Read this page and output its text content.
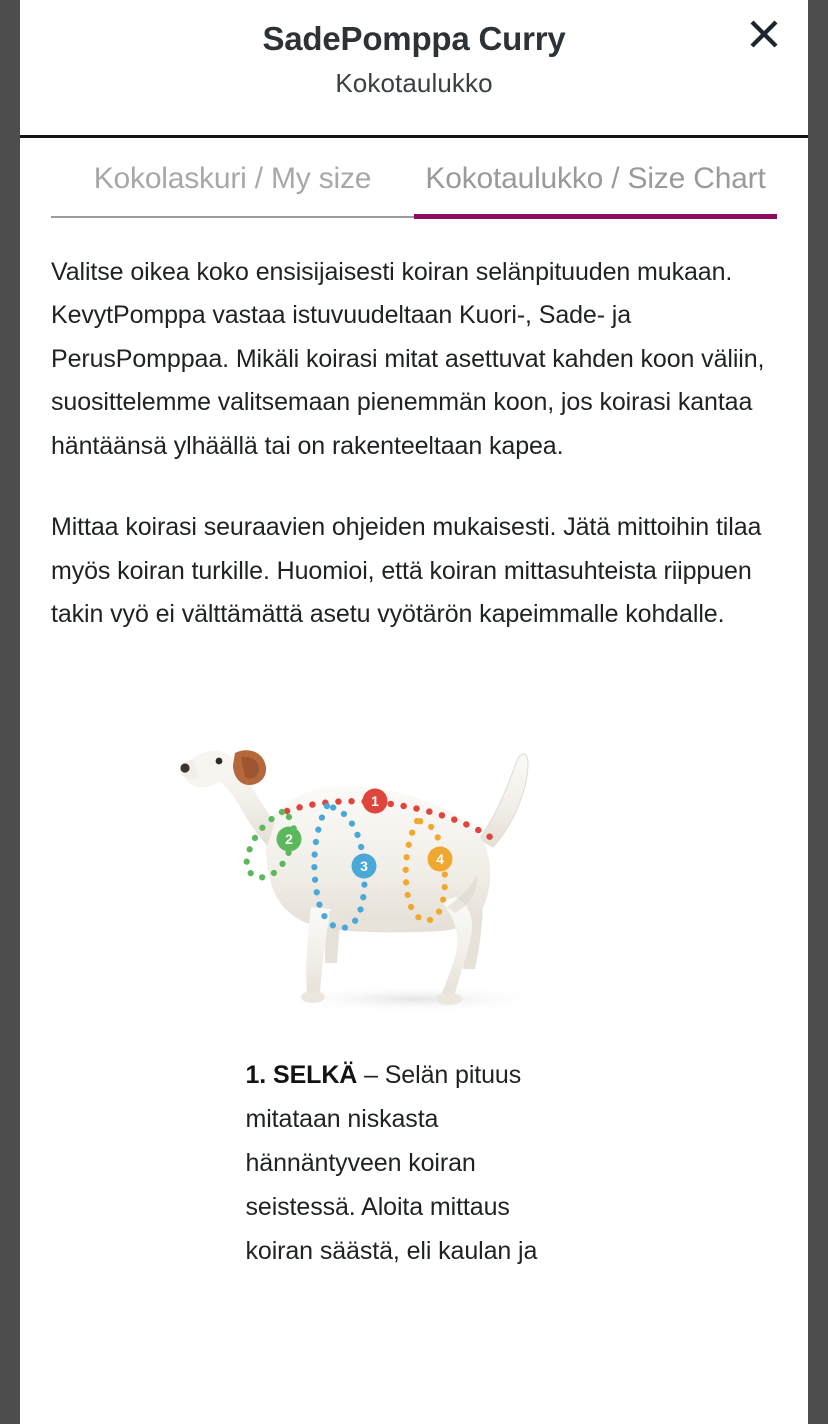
SadePomppa Curry
Kokotaulukko
Kokolaskuri / My size	Kokotaulukko / Size Chart

Valitse oikea koko ensisijaisesti koiran selänpituuden mukaan. KevytPomppa vastaa istuvuudeltaan Kuori-, Sade- ja PerusPomppaa. Mikäli koirasi mitat asettuvat kahden koon väliin, suosittelemme valitsemaan pienemmän koon, jos koirasi kantaa häntäänsä ylhäällä tai on rakenteeltaan kapea.

Mittaa koirasi seuraavien ohjeiden mukaisesti. Jätä mittoihin tilaa myös koiran turkille. Huomioi, että koiran mittasuhteista riippuen takin vyö ei välttämättä asetu vyötärön kapeimmalle kohdalle.

1
2
3	4
1. SELKÄ – Selän pituus mitataan niskasta hännäntyveen koiran seistessä. Aloita mittaus koiran säästä, eli kaulan ja
